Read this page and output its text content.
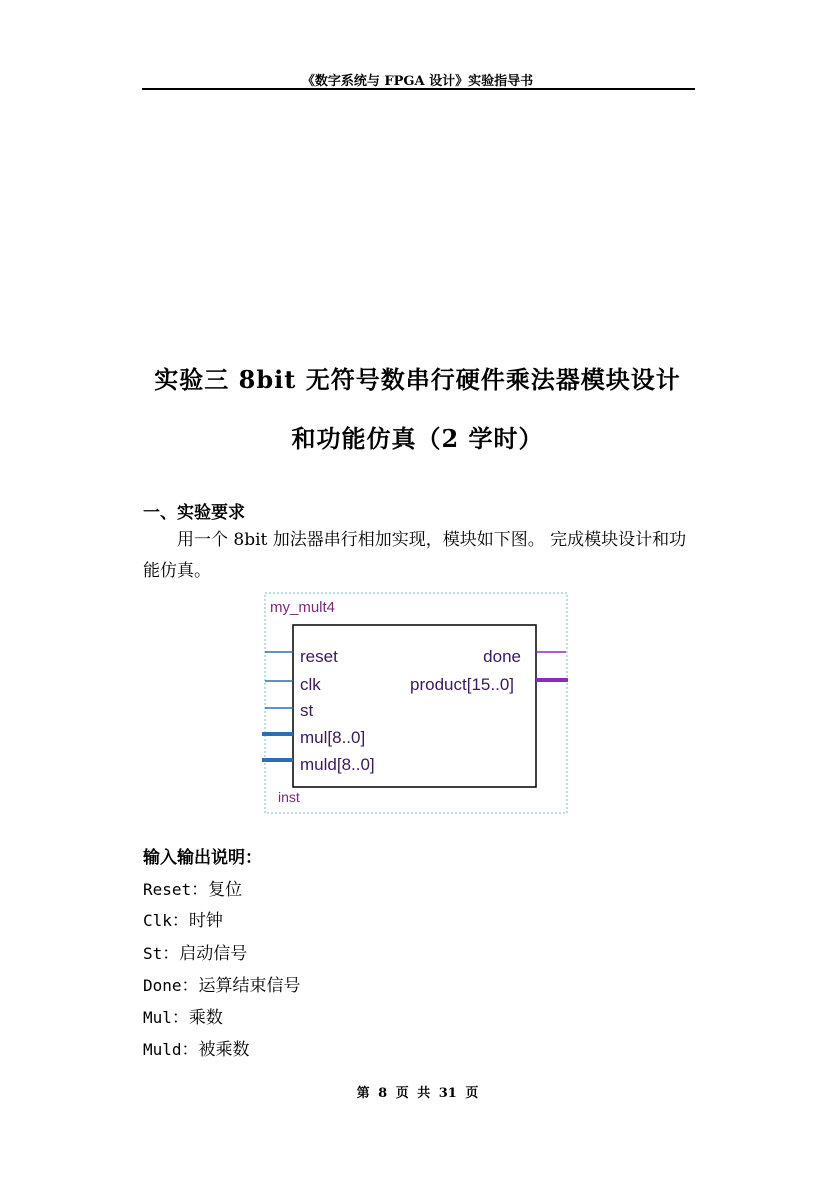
《数字系统与 FPGA 设计》实验指导书
实验三 8bit 无符号数串行硬件乘法器模块设计
和功能仿真（2 学时）
一、实验要求
用一个 8bit 加法器串行相加实现，模块如下图。 完成模块设计和功能仿真。
my_mult4
reset
clk
st
mul[8..0]
muld[8..0]
done
product[15..0]
inst
输入输出说明：
Reset：复位
Clk：时钟
St：启动信号
Done：运算结束信号
Mul：乘数
Muld：被乘数
第 8 页 共 31 页
